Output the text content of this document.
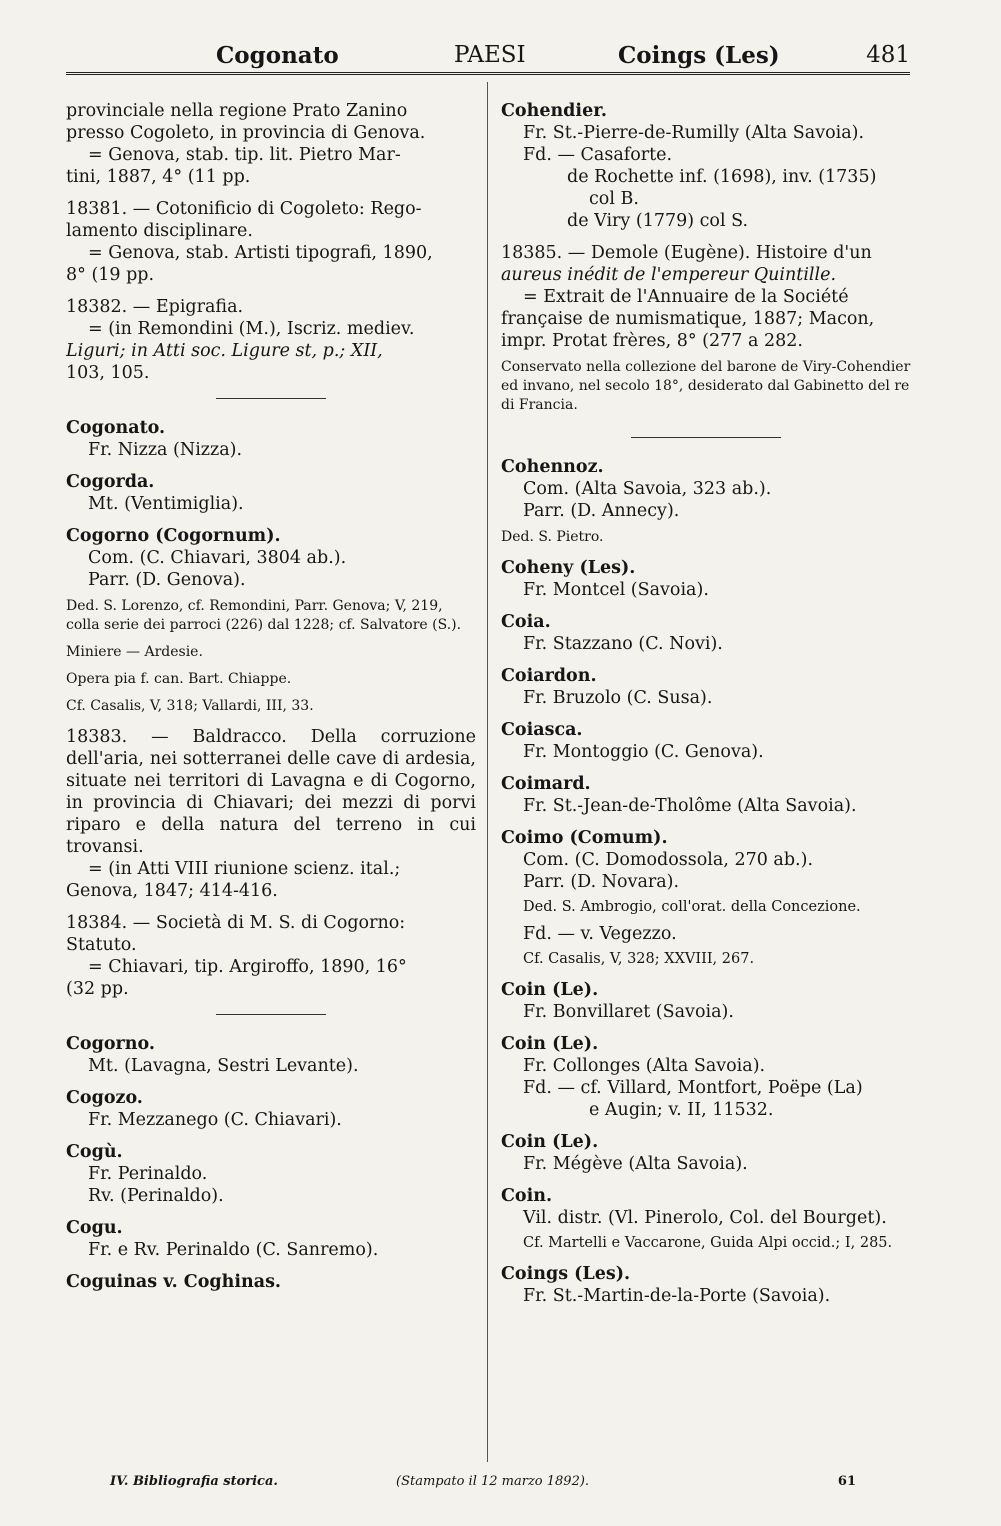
Cogonato	PAESI	Coings (Les)	481

provinciale nella regione Prato Zanino

presso Cogoleto, in provincia di Genova.

= Genova, stab. tip. lit. Pietro Mar-

tini, 1887, 4° (11 pp.

18381. — Cotonificio di Cogoleto: Rego-

lamento disciplinare.

= Genova, stab. Artisti tipografi, 1890,

8° (19 pp.

18382. — Epigrafia.

= (in Remondini (M.), Iscriz. mediev.

Liguri; in Atti soc. Ligure st, p.; XII,

103, 105.

Cogonato.

Fr. Nizza (Nizza).

Cogorda.

Mt. (Ventimiglia).

Cogorno (Cogornum).

Com. (C. Chiavari, 3804 ab.).

Parr. (D. Genova).

Ded. S. Lorenzo, cf. Remondini, Parr. Genova; V, 219, colla serie dei parroci (226) dal 1228; cf. Salvatore (S.).

Miniere — Ardesie.

Opera pia f. can. Bart. Chiappe.

Cf. Casalis, V, 318; Vallardi, III, 33.

18383. — Baldracco. Della corruzione dell'aria, nei sotterranei delle cave di ardesia, situate nei territori di Lavagna e di Cogorno, in provincia di Chiavari; dei mezzi di porvi riparo e della natura del terreno in cui trovansi.

= (in Atti VIII riunione scienz. ital.;

Genova, 1847; 414-416.

18384. — Società di M. S. di Cogorno:

Statuto.

= Chiavari, tip. Argiroffo, 1890, 16°

(32 pp.

Cogorno.

Mt. (Lavagna, Sestri Levante).

Cogozo.

Fr. Mezzanego (C. Chiavari).

Cogù.

Fr. Perinaldo.

Rv. (Perinaldo).

Cogu.

Fr. e Rv. Perinaldo (C. Sanremo).

Coguinas v. Coghinas.

Cohendier.

Fr. St.-Pierre-de-Rumilly (Alta Savoia).

Fd. — Casaforte.

de Rochette inf. (1698), inv. (1735)

col B.

de Viry (1779) col S.

18385. — Demole (Eugène). Histoire d'un

aureus inédit de l'empereur Quintille.

= Extrait de l'Annuaire de la Société

française de numismatique, 1887; Macon,

impr. Protat frères, 8° (277 a 282.

Conservato nella collezione del barone de Viry-Cohendier ed invano, nel secolo 18°, desiderato dal Gabinetto del re di Francia.

Cohennoz.

Com. (Alta Savoia, 323 ab.).

Parr. (D. Annecy).

Ded. S. Pietro.

Coheny (Les).

Fr. Montcel (Savoia).

Coia.

Fr. Stazzano (C. Novi).

Coiardon.

Fr. Bruzolo (C. Susa).

Coiasca.

Fr. Montoggio (C. Genova).

Coimard.

Fr. St.-Jean-de-Tholôme (Alta Savoia).

Coimo (Comum).

Com. (C. Domodossola, 270 ab.).

Parr. (D. Novara).

Ded. S. Ambrogio, coll'orat. della Concezione.

Fd. — v. Vegezzo.

Cf. Casalis, V, 328; XXVIII, 267.

Coin (Le).

Fr. Bonvillaret (Savoia).

Coin (Le).

Fr. Collonges (Alta Savoia).

Fd. — cf. Villard, Montfort, Poëpe (La)

e Augin; v. II, 11532.

Coin (Le).

Fr. Mégève (Alta Savoia).

Coin.

Vil. distr. (Vl. Pinerolo, Col. del Bourget).

Cf. Martelli e Vaccarone, Guida Alpi occid.; I, 285.

Coings (Les).

Fr. St.-Martin-de-la-Porte (Savoia).

IV. Bibliografia storica.	(Stampato il 12 marzo 1892).	61
